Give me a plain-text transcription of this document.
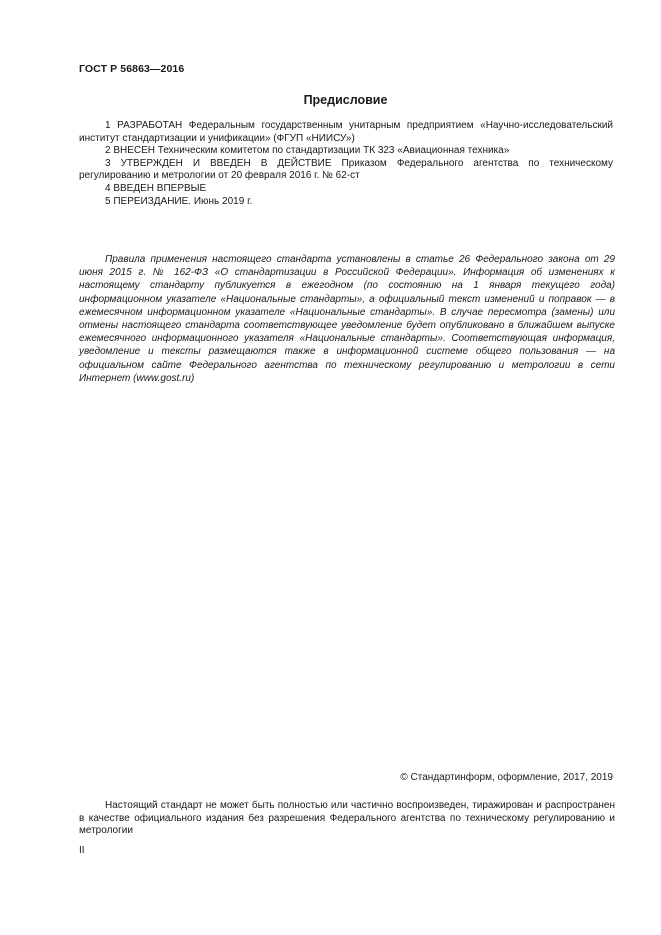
ГОСТ Р 56863—2016
Предисловие

1 РАЗРАБОТАН Федеральным государственным унитарным предприятием «Научно-исследовательский институт стандартизации и унификации» (ФГУП «НИИСУ»)

2 ВНЕСЕН Техническим комитетом по стандартизации ТК 323 «Авиационная техника»

3 УТВЕРЖДЕН И ВВЕДЕН В ДЕЙСТВИЕ Приказом Федерального агентства по техническому регулированию и метрологии от 20 февраля 2016 г. № 62-ст

4 ВВЕДЕН ВПЕРВЫЕ

5 ПЕРЕИЗДАНИЕ. Июнь 2019 г.

Правила применения настоящего стандарта установлены в статье 26 Федерального закона от 29 июня 2015 г. № 162-ФЗ «О стандартизации в Российской Федерации». Информация об изменениях к настоящему стандарту публикуется в ежегодном (по состоянию на 1 января текущего года) информационном указателе «Национальные стандарты», а официальный текст изменений и поправок — в ежемесячном информационном указателе «Национальные стандарты». В случае пересмотра (замены) или отмены настоящего стандарта соответствующее уведомление будет опубликовано в ближайшем выпуске ежемесячного информационного указателя «Национальные стандарты». Соответствующая информация, уведомление и тексты размещаются также в информационной системе общего пользования — на официальном сайте Федерального агентства по техническому регулированию и метрологии в сети Интернет (www.gost.ru)

© Стандартинформ, оформление, 2017, 2019

Настоящий стандарт не может быть полностью или частично воспроизведен, тиражирован и распространен в качестве официального издания без разрешения Федерального агентства по техническому регулированию и метрологии

II
